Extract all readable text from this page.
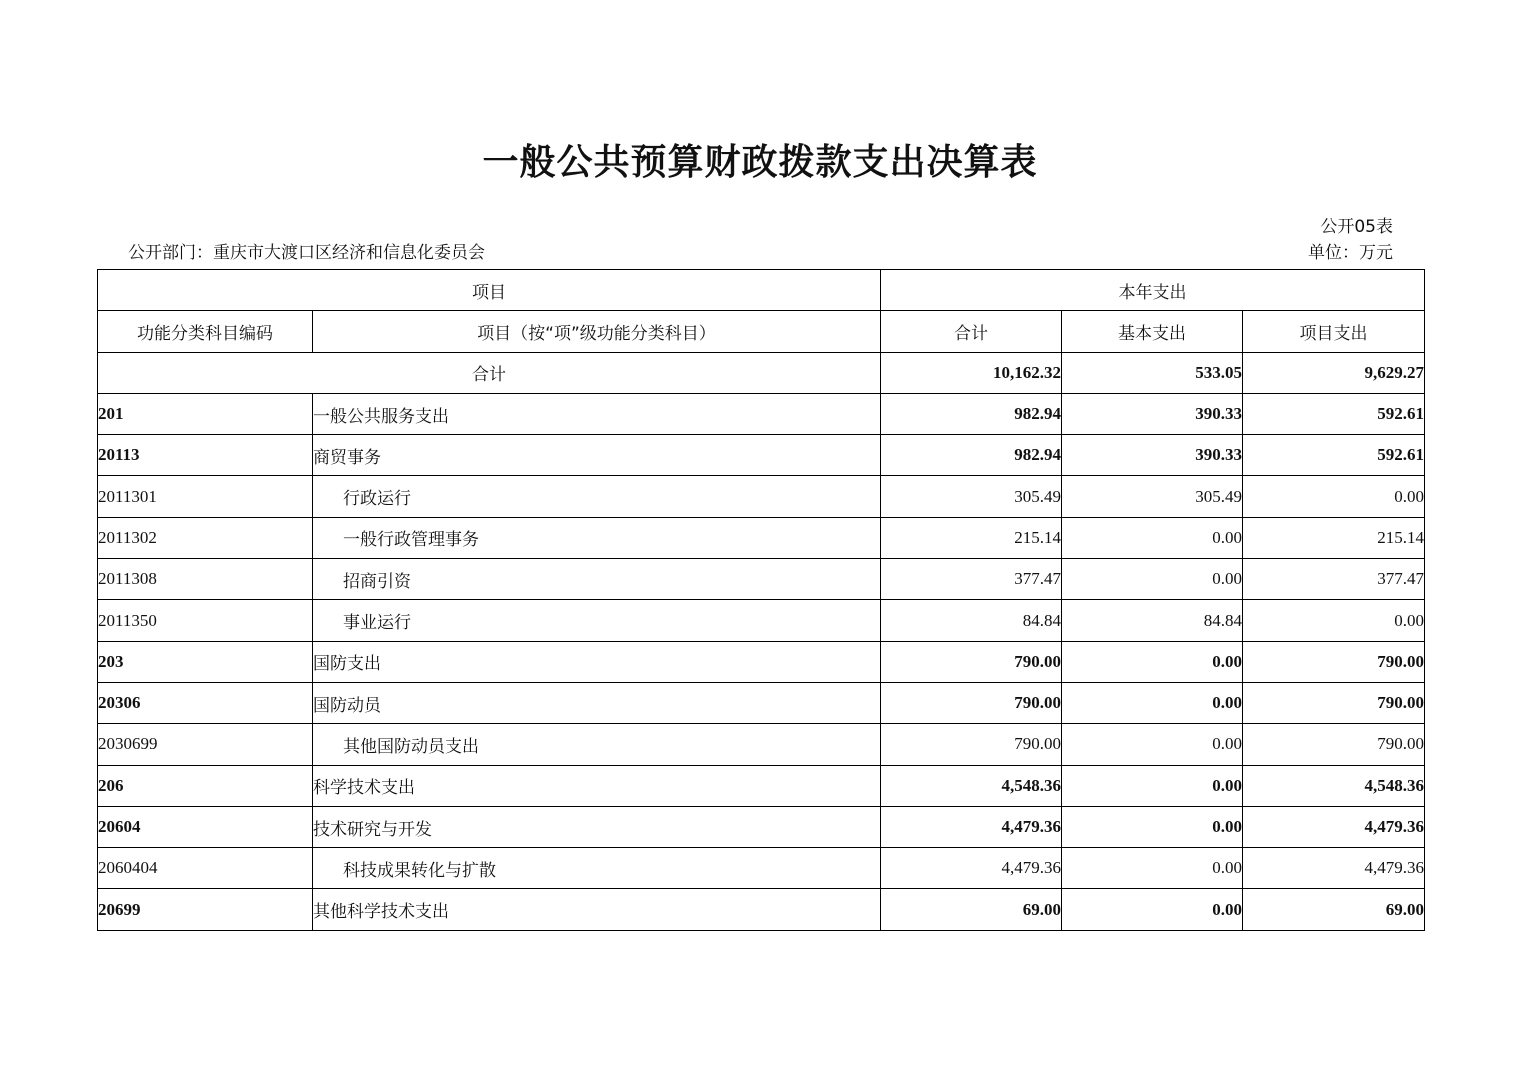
一般公共预算财政拨款支出决算表
公开05表
公开部门：重庆市大渡口区经济和信息化委员会	单位：万元
项目		本年支出		
功能分类科目编码	项目（按“项”级功能分类科目）	合计	基本支出	项目支出
合计		10,162.32	533.05	9,629.27
201	一般公共服务支出	982.94	390.33	592.61
20113	商贸事务	982.94	390.33	592.61
2011301	行政运行	305.49	305.49	0.00
2011302	一般行政管理事务	215.14	0.00	215.14
2011308	招商引资	377.47	0.00	377.47
2011350	事业运行	84.84	84.84	0.00
203	国防支出	790.00	0.00	790.00
20306	国防动员	790.00	0.00	790.00
2030699	其他国防动员支出	790.00	0.00	790.00
206	科学技术支出	4,548.36	0.00	4,548.36
20604	技术研究与开发	4,479.36	0.00	4,479.36
2060404	科技成果转化与扩散	4,479.36	0.00	4,479.36
20699	其他科学技术支出	69.00	0.00	69.00
